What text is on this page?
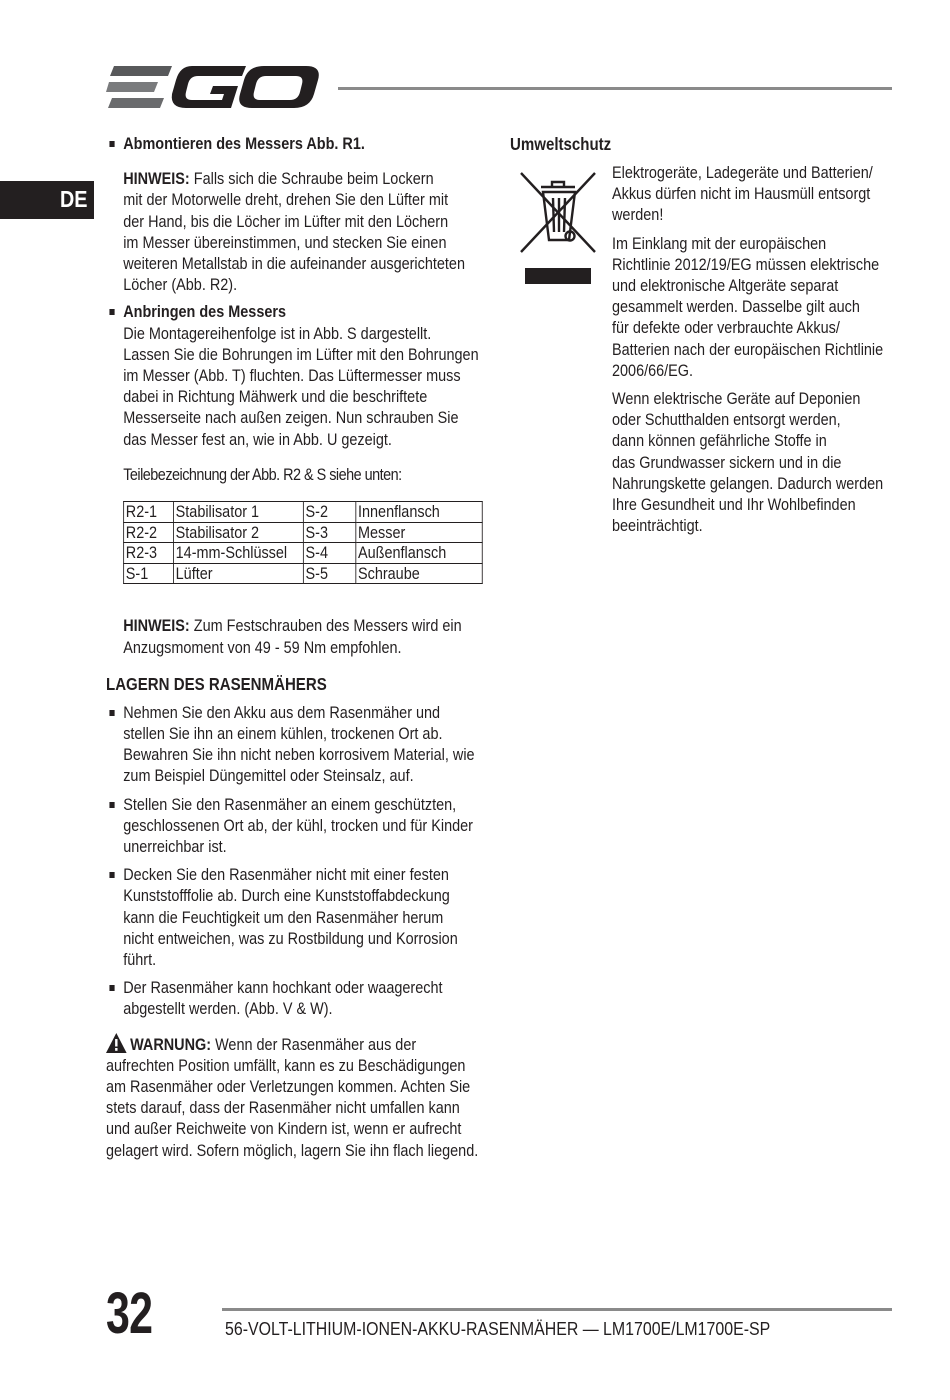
DE

Abmontieren des Messers Abb. R1.

HINWEIS: Falls sich die Schraube beim Lockern

mit der Motorwelle dreht, drehen Sie den Lüfter mit

der Hand, bis die Löcher im Lüfter mit den Löchern

im Messer übereinstimmen, und stecken Sie einen

weiteren Metallstab in die aufeinander ausgerichteten

Löcher (Abb. R2).

Anbringen des Messers

Die Montagereihenfolge ist in Abb. S dargestellt.

Lassen Sie die Bohrungen im Lüfter mit den Bohrungen

im Messer (Abb. T) fluchten. Das Lüftermesser muss

dabei in Richtung Mähwerk und die beschriftete

Messerseite nach außen zeigen. Nun schrauben Sie

das Messer fest an, wie in Abb. U gezeigt.

Teilebezeichnung der Abb. R2 & S siehe unten:

R2-1	Stabilisator 1	S-2	Innenflansch
R2-2	Stabilisator 2	S-3	Messer
R2-3	14-mm-Schlüssel	S-4	Außenflansch
S-1	Lüfter	S-5	Schraube

HINWEIS: Zum Festschrauben des Messers wird ein

Anzugsmoment von 49 - 59 Nm empfohlen.

LAGERN DES RASENMÄHERS

Nehmen Sie den Akku aus dem Rasenmäher und

stellen Sie ihn an einem kühlen, trockenen Ort ab.

Bewahren Sie ihn nicht neben korrosivem Material, wie

zum Beispiel Düngemittel oder Steinsalz, auf.

Stellen Sie den Rasenmäher an einem geschützten,

geschlossenen Ort ab, der kühl, trocken und für Kinder

unerreichbar ist.

Decken Sie den Rasenmäher nicht mit einer festen

Kunststofffolie ab. Durch eine Kunststoffabdeckung

kann die Feuchtigkeit um den Rasenmäher herum

nicht entweichen, was zu Rostbildung und Korrosion

führt.

Der Rasenmäher kann hochkant oder waagerecht

abgestellt werden. (Abb. V & W).

WARNUNG: Wenn der Rasenmäher aus der

aufrechten Position umfällt, kann es zu Beschädigungen

am Rasenmäher oder Verletzungen kommen. Achten Sie

stets darauf, dass der Rasenmäher nicht umfallen kann

und außer Reichweite von Kindern ist, wenn er aufrecht

gelagert wird. Sofern möglich, lagern Sie ihn flach liegend.

Umweltschutz

Elektrogeräte, Ladegeräte und Batterien/

Akkus dürfen nicht im Hausmüll entsorgt

werden!

Im Einklang mit der europäischen

Richtlinie 2012/19/EG müssen elektrische

und elektronische Altgeräte separat

gesammelt werden. Dasselbe gilt auch

für defekte oder verbrauchte Akkus/

Batterien nach der europäischen Richtlinie

2006/66/EG.

Wenn elektrische Geräte auf Deponien

oder Schutthalden entsorgt werden,

dann können gefährliche Stoffe in

das Grundwasser sickern und in die

Nahrungskette gelangen. Dadurch werden

Ihre Gesundheit und Ihr Wohlbefinden

beeinträchtigt.

32	56-VOLT-LITHIUM-IONEN-AKKU-RASENMÄHER — LM1700E/LM1700E-SP
